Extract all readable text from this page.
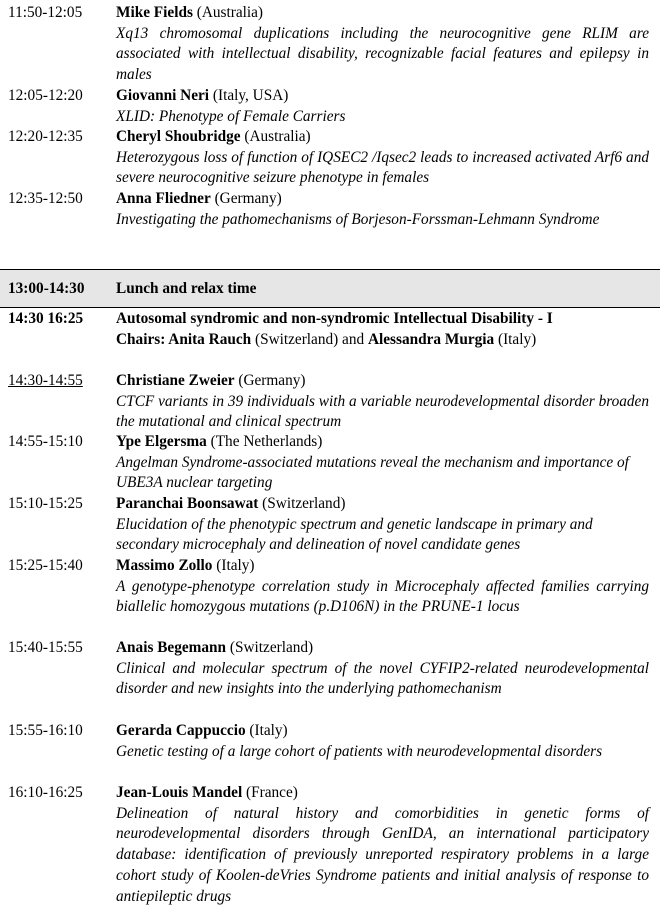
11:50-12:05	Mike Fields (Australia)
Xq13 chromosomal duplications including the neurocognitive gene RLIM are associated with intellectual disability, recognizable facial features and epilepsy in males
12:05-12:20	Giovanni Neri (Italy, USA)
XLID: Phenotype of Female Carriers
12:20-12:35	Cheryl Shoubridge (Australia)
Heterozygous loss of function of IQSEC2 /Iqsec2 leads to increased activated Arf6 and severe neurocognitive seizure phenotype in females
12:35-12:50	Anna Fliedner (Germany)
Investigating the pathomechanisms of Borjeson-Forssman-Lehmann Syndrome
13:00-14:30	Lunch and relax time
14:30 16:25	Autosomal syndromic and non-syndromic Intellectual Disability - I
Chairs: Anita Rauch (Switzerland) and Alessandra Murgia (Italy)
14:30-14:55	Christiane Zweier (Germany)
CTCF variants in 39 individuals with a variable neurodevelopmental disorder broaden the mutational and clinical spectrum
14:55-15:10	Ype Elgersma (The Netherlands)
Angelman Syndrome-associated mutations reveal the mechanism and importance of UBE3A nuclear targeting
15:10-15:25	Paranchai Boonsawat (Switzerland)
Elucidation of the phenotypic spectrum and genetic landscape in primary and secondary microcephaly and delineation of novel candidate genes
15:25-15:40	Massimo Zollo (Italy)
A genotype-phenotype correlation study in Microcephaly affected families carrying biallelic homozygous mutations (p.D106N) in the PRUNE-1 locus
15:40-15:55	Anais Begemann (Switzerland)
Clinical and molecular spectrum of the novel CYFIP2-related neurodevelopmental disorder and new insights into the underlying pathomechanism
15:55-16:10	Gerarda Cappuccio (Italy)
Genetic testing of a large cohort of patients with neurodevelopmental disorders
16:10-16:25	Jean-Louis Mandel (France)
Delineation of natural history and comorbidities in genetic forms of neurodevelopmental disorders through GenIDA, an international participatory database: identification of previously unreported respiratory problems in a large cohort study of Koolen-deVries Syndrome patients and initial analysis of response to antiepileptic drugs
